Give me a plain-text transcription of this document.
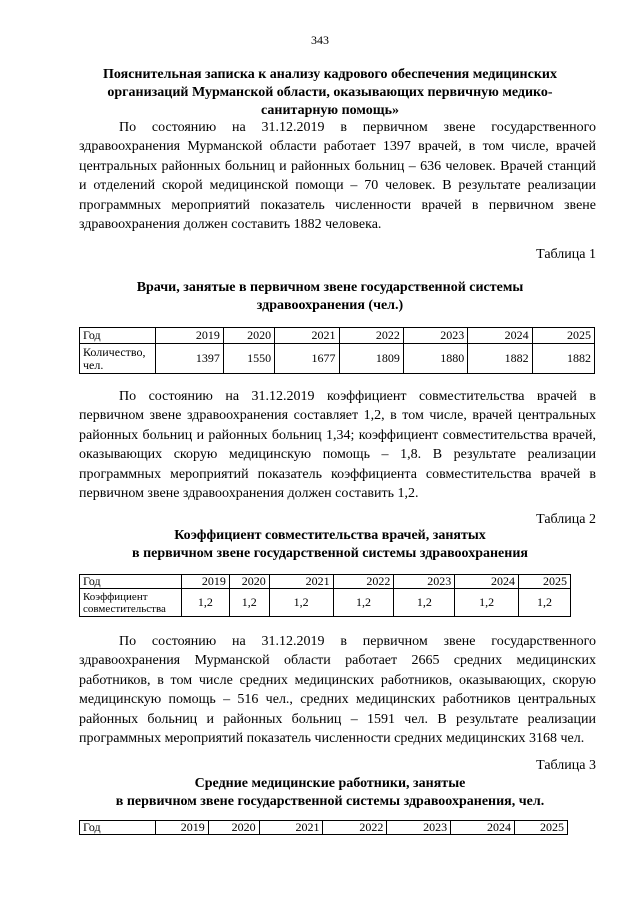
343
Пояснительная записка к анализу кадрового обеспечения медицинских
организаций Мурманской области, оказывающих первичную медико-
санитарную помощь»

По состоянию на 31.12.2019 в первичном звене государственного здравоохранения Мурманской области работает 1397 врачей, в том числе, врачей центральных районных больниц и районных больниц – 636 человек. Врачей станций и отделений скорой медицинской помощи – 70 человек. В результате реализации программных мероприятий показатель численности врачей в первичном звене здравоохранения должен составить 1882 человека.

Таблица 1
Врачи, занятые в первичном звене государственной системы
здравоохранения (чел.)
Год	2019	2020	2021	2022	2023	2024	2025
Количество, чел.	1397	1550	1677	1809	1880	1882	1882

По состоянию на 31.12.2019 коэффициент совместительства врачей в первичном звене здравоохранения составляет 1,2, в том числе, врачей центральных районных больниц и районных больниц 1,34; коэффициент совместительства врачей, оказывающих скорую медицинскую помощь – 1,8. В результате реализации программных мероприятий показатель коэффициента совместительства врачей в первичном звене здравоохранения должен составить 1,2.

Таблица 2
Коэффициент совместительства врачей, занятых
в первичном звене государственной системы здравоохранения
Год	2019	2020	2021	2022	2023	2024	2025
Коэффициент совместительства	1,2	1,2	1,2	1,2	1,2	1,2	1,2

По состоянию на 31.12.2019 в первичном звене государственного здравоохранения Мурманской области работает 2665 средних медицинских работников, в том числе средних медицинских работников, оказывающих, скорую медицинскую помощь – 516 чел., средних медицинских работников центральных районных больниц и районных больниц – 1591 чел. В результате реализации программных мероприятий показатель численности средних медицинских 3168 чел.

Таблица 3
Средние медицинские работники, занятые
в первичном звене государственной системы здравоохранения, чел.
Год	2019	2020	2021	2022	2023	2024	2025
